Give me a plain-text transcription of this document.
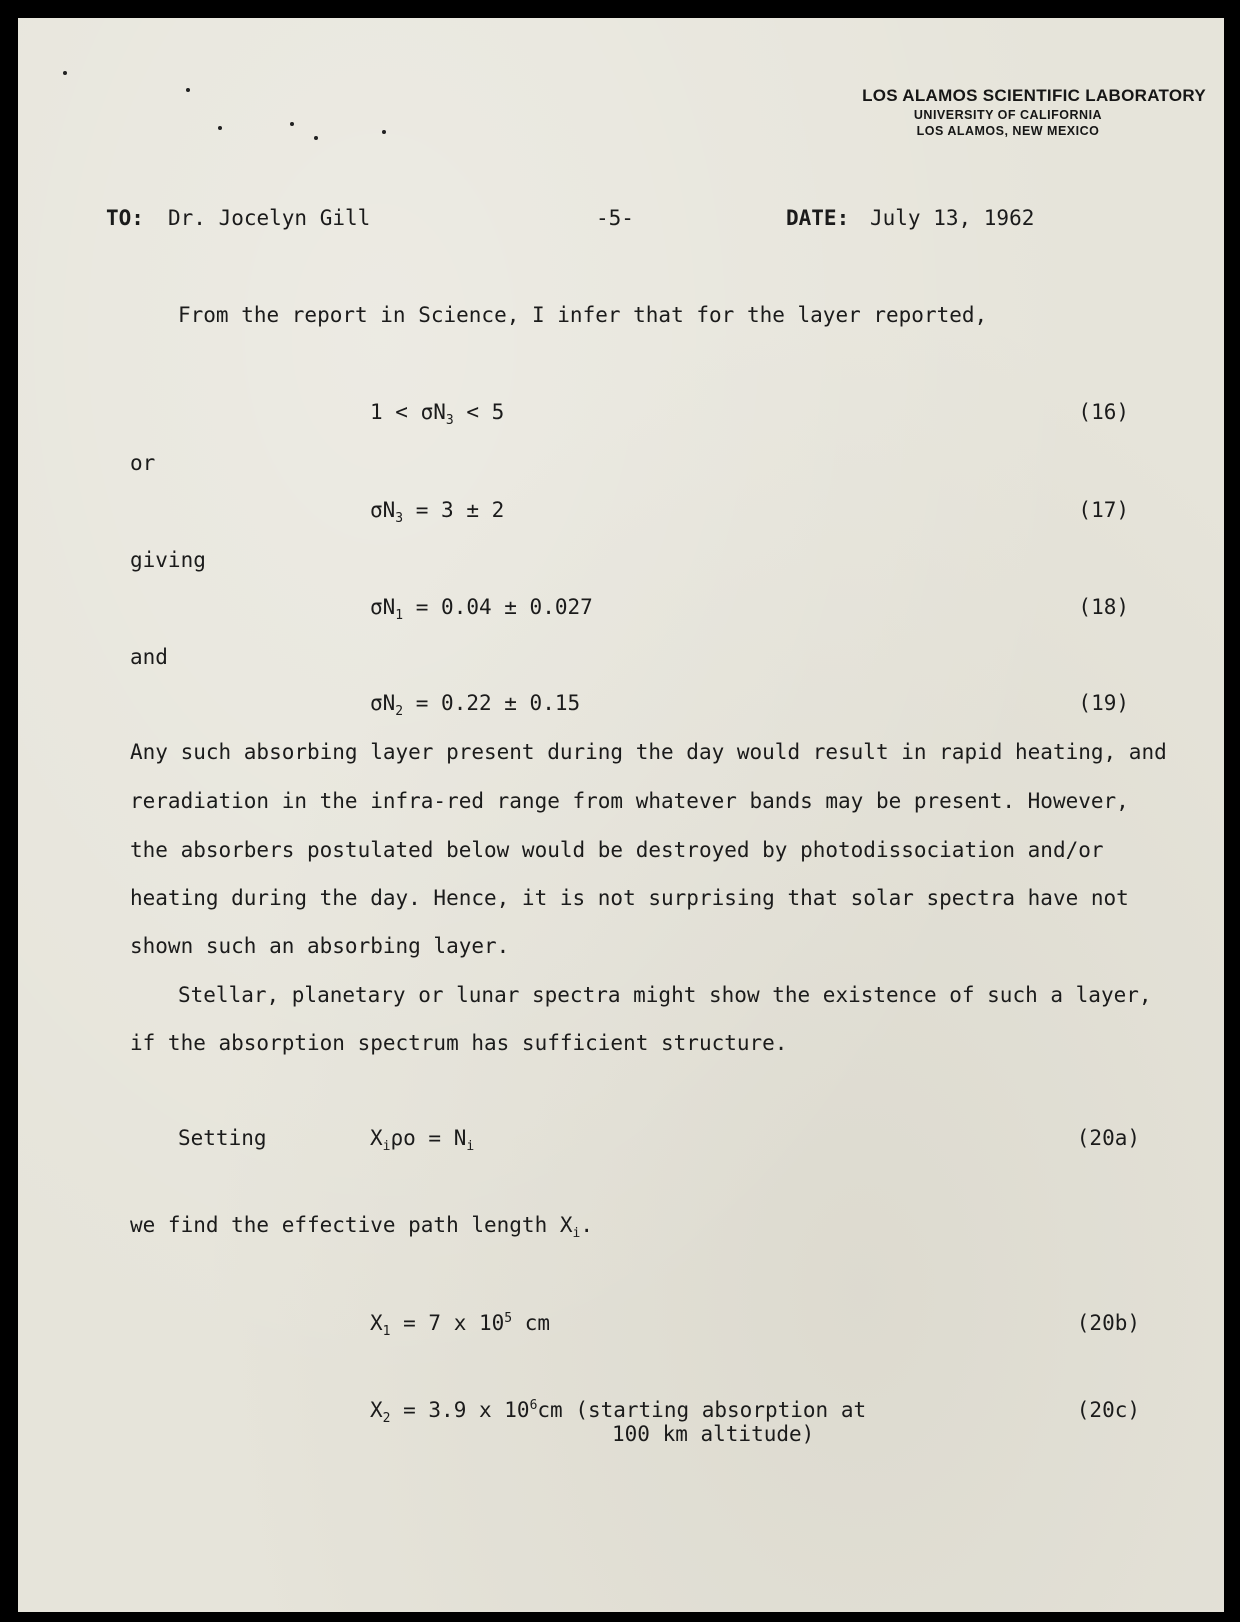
LOS ALAMOS SCIENTIFIC LABORATORY
UNIVERSITY OF CALIFORNIA
LOS ALAMOS, NEW MEXICO
TO: Dr. Jocelyn Gill	-5-	DATE: July 13, 1962
From the report in Science, I infer that for the layer reported,
$1 < \sigma N_3 < 5$	(16)
or
$\sigma N_3 = 3 \pm 2$	(17)
giving
$\sigma N_1 = 0.04 \pm 0.027$	(18)
and
$\sigma N_2 = 0.22 \pm 0.15$	(19)
Any such absorbing layer present during the day would result in rapid heating, and
reradiation in the infra-red range from whatever bands may be present. However,
the absorbers postulated below would be destroyed by photodissociation and/or
heating during the day. Hence, it is not surprising that solar spectra have not
shown such an absorbing layer.
Stellar, planetary or lunar spectra might show the existence of such a layer,
if the absorption spectrum has sufficient structure.
Setting	$X_i\rho o = N_i$	(20a)
we find the effective path length $X_i$.
$X_1 = 7$ x $10^5$ cm	(20b)
$X_2 = 3.9$ x $10^6cm$ (starting absorption at
100 km altitude)
(20c)
